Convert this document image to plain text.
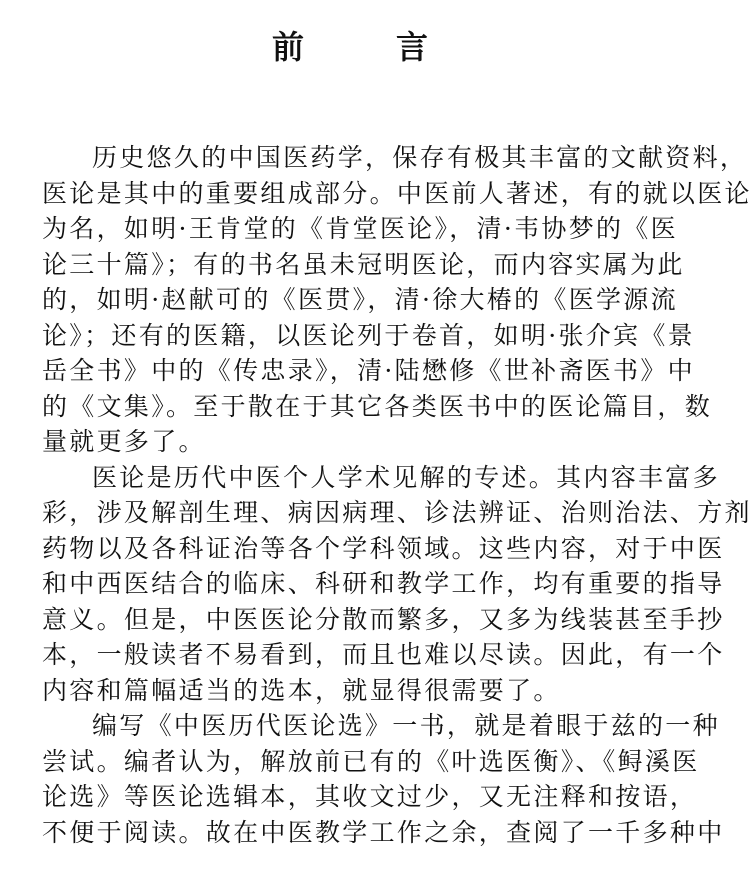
前　言
历史悠久的中国医药学，保存有极其丰富的文献资料，
医论是其中的重要组成部分。中医前人著述，有的就以医论
为名，如明·王肯堂的《肯堂医论》，清·韦协梦的《医
论三十篇》；有的书名虽未冠明医论，而内容实属为此
的，如明·赵献可的《医贯》，清·徐大椿的《医学源流
论》；还有的医籍，以医论列于卷首，如明·张介宾《景
岳全书》中的《传忠录》，清·陆懋修《世补斋医书》中
的《文集》。至于散在于其它各类医书中的医论篇目，数
量就更多了。
医论是历代中医个人学术见解的专述。其内容丰富多
彩，涉及解剖生理、病因病理、诊法辨证、治则治法、方剂
药物以及各科证治等各个学科领域。这些内容，对于中医
和中西医结合的临床、科研和教学工作，均有重要的指导
意义。但是，中医医论分散而繁多，又多为线装甚至手抄
本，一般读者不易看到，而且也难以尽读。因此，有一个
内容和篇幅适当的选本，就显得很需要了。
编写《中医历代医论选》一书，就是着眼于兹的一种
尝试。编者认为，解放前已有的《叶选医衡》、《鲟溪医
论选》等医论选辑本，其收文过少，又无注释和按语，
不便于阅读。故在中医教学工作之余，查阅了一千多种中
